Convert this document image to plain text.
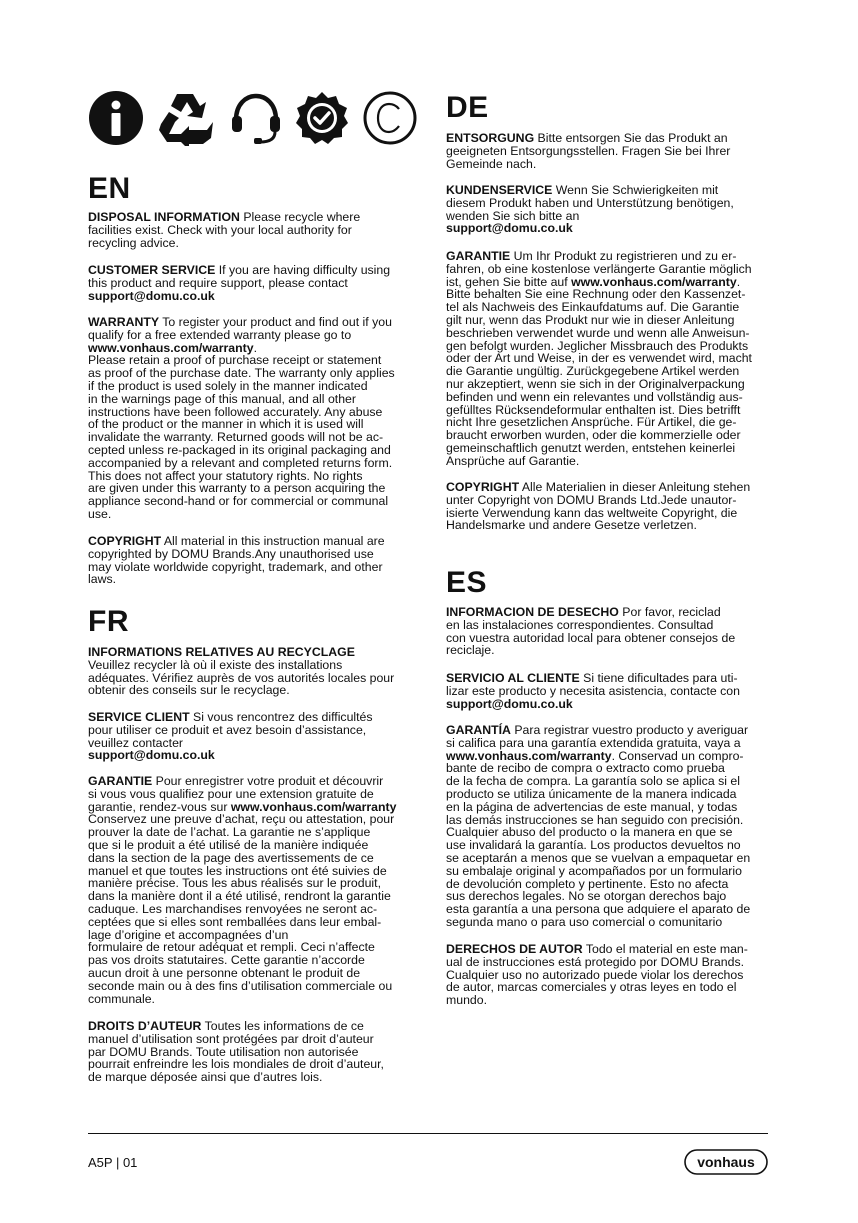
EN
DISPOSAL INFORMATION Please recycle where
facilities exist. Check with your local authority for
recycling advice.
CUSTOMER SERVICE If you are having difficulty using
this product and require support, please contact
support@domu.co.uk
WARRANTY To register your product and find out if you
qualify for a free extended warranty please go to
www.vonhaus.com/warranty.
Please retain a proof of purchase receipt or statement
as proof of the purchase date. The warranty only applies
if the product is used solely in the manner indicated
in the warnings page of this manual, and all other
instructions have been followed accurately. Any abuse
of the product or the manner in which it is used will
invalidate the warranty. Returned goods will not be ac-
cepted unless re-packaged in its original packaging and
accompanied by a relevant and completed returns form.
This does not affect your statutory rights. No rights
are given under this warranty to a person acquiring the
appliance second-hand or for commercial or communal
use.
COPYRIGHT All material in this instruction manual are
copyrighted by DOMU Brands.Any unauthorised use
may violate worldwide copyright, trademark, and other
laws.
FR
INFORMATIONS RELATIVES AU RECYCLAGE
Veuillez recycler là où il existe des installations
adéquates. Vérifiez auprès de vos autorités locales pour
obtenir des conseils sur le recyclage.
SERVICE CLIENT Si vous rencontrez des difficultés
pour utiliser ce produit et avez besoin d’assistance,
veuillez contacter
support@domu.co.uk
GARANTIE Pour enregistrer votre produit et découvrir
si vous vous qualifiez pour une extension gratuite de
garantie, rendez-vous sur www.vonhaus.com/warranty
Conservez une preuve d’achat, reçu ou attestation, pour
prouver la date de l’achat. La garantie ne s’applique
que si le produit a été utilisé de la manière indiquée
dans la section de la page des avertissements de ce
manuel et que toutes les instructions ont été suivies de
manière précise. Tous les abus réalisés sur le produit,
dans la manière dont il a été utilisé, rendront la garantie
caduque. Les marchandises renvoyées ne seront ac-
ceptées que si elles sont remballées dans leur embal-
lage d’origine et accompagnées d’un
formulaire de retour adéquat et rempli. Ceci n’affecte
pas vos droits statutaires. Cette garantie n’accorde
aucun droit à une personne obtenant le produit de
seconde main ou à des fins d’utilisation commerciale ou
communale.
DROITS D’AUTEUR Toutes les informations de ce
manuel d’utilisation sont protégées par droit d’auteur
par DOMU Brands. Toute utilisation non autorisée
pourrait enfreindre les lois mondiales de droit d’auteur,
de marque déposée ainsi que d’autres lois.
DE
ENTSORGUNG Bitte entsorgen Sie das Produkt an
geeigneten Entsorgungsstellen. Fragen Sie bei Ihrer
Gemeinde nach.
KUNDENSERVICE Wenn Sie Schwierigkeiten mit
diesem Produkt haben und Unterstützung benötigen,
wenden Sie sich bitte an
support@domu.co.uk
GARANTIE Um Ihr Produkt zu registrieren und zu er-
fahren, ob eine kostenlose verlängerte Garantie möglich
ist, gehen Sie bitte auf www.vonhaus.com/warranty.
Bitte behalten Sie eine Rechnung oder den Kassenzet-
tel als Nachweis des Einkaufdatums auf. Die Garantie
gilt nur, wenn das Produkt nur wie in dieser Anleitung
beschrieben verwendet wurde und wenn alle Anweisun-
gen befolgt wurden. Jeglicher Missbrauch des Produkts
oder der Art und Weise, in der es verwendet wird, macht
die Garantie ungültig. Zurückgegebene Artikel werden
nur akzeptiert, wenn sie sich in der Originalverpackung
befinden und wenn ein relevantes und vollständig aus-
gefülltes Rücksendeformular enthalten ist. Dies betrifft
nicht Ihre gesetzlichen Ansprüche. Für Artikel, die ge-
braucht erworben wurden, oder die kommerzielle oder
gemeinschaftlich genutzt werden, entstehen keinerlei
Ansprüche auf Garantie.
COPYRIGHT Alle Materialien in dieser Anleitung stehen
unter Copyright von DOMU Brands Ltd.Jede unautor-
isierte Verwendung kann das weltweite Copyright, die
Handelsmarke und andere Gesetze verletzen.
ES
INFORMACION DE DESECHO Por favor, reciclad
en las instalaciones correspondientes. Consultad
con vuestra autoridad local para obtener consejos de
reciclaje.
SERVICIO AL CLIENTE Si tiene dificultades para uti-
lizar este producto y necesita asistencia, contacte con
support@domu.co.uk
GARANTÍA Para registrar vuestro producto y averiguar
si califica para una garantía extendida gratuita, vaya a
www.vonhaus.com/warranty. Conservad un compro-
bante de recibo de compra o extracto como prueba
de la fecha de compra. La garantía solo se aplica si el
producto se utiliza únicamente de la manera indicada
en la página de advertencias de este manual, y todas
las demás instrucciones se han seguido con precisión.
Cualquier abuso del producto o la manera en que se
use invalidará la garantía. Los productos devueltos no
se aceptarán a menos que se vuelvan a empaquetar en
su embalaje original y acompañados por un formulario
de devolución completo y pertinente. Esto no afecta
sus derechos legales. No se otorgan derechos bajo
esta garantía a una persona que adquiere el aparato de
segunda mano o para uso comercial o comunitario
DERECHOS DE AUTOR Todo el material en este man-
ual de instrucciones está protegido por DOMU Brands.
Cualquier uso no autorizado puede violar los derechos
de autor, marcas comerciales y otras leyes en todo el
mundo.
A5P | 01	vonhaus
